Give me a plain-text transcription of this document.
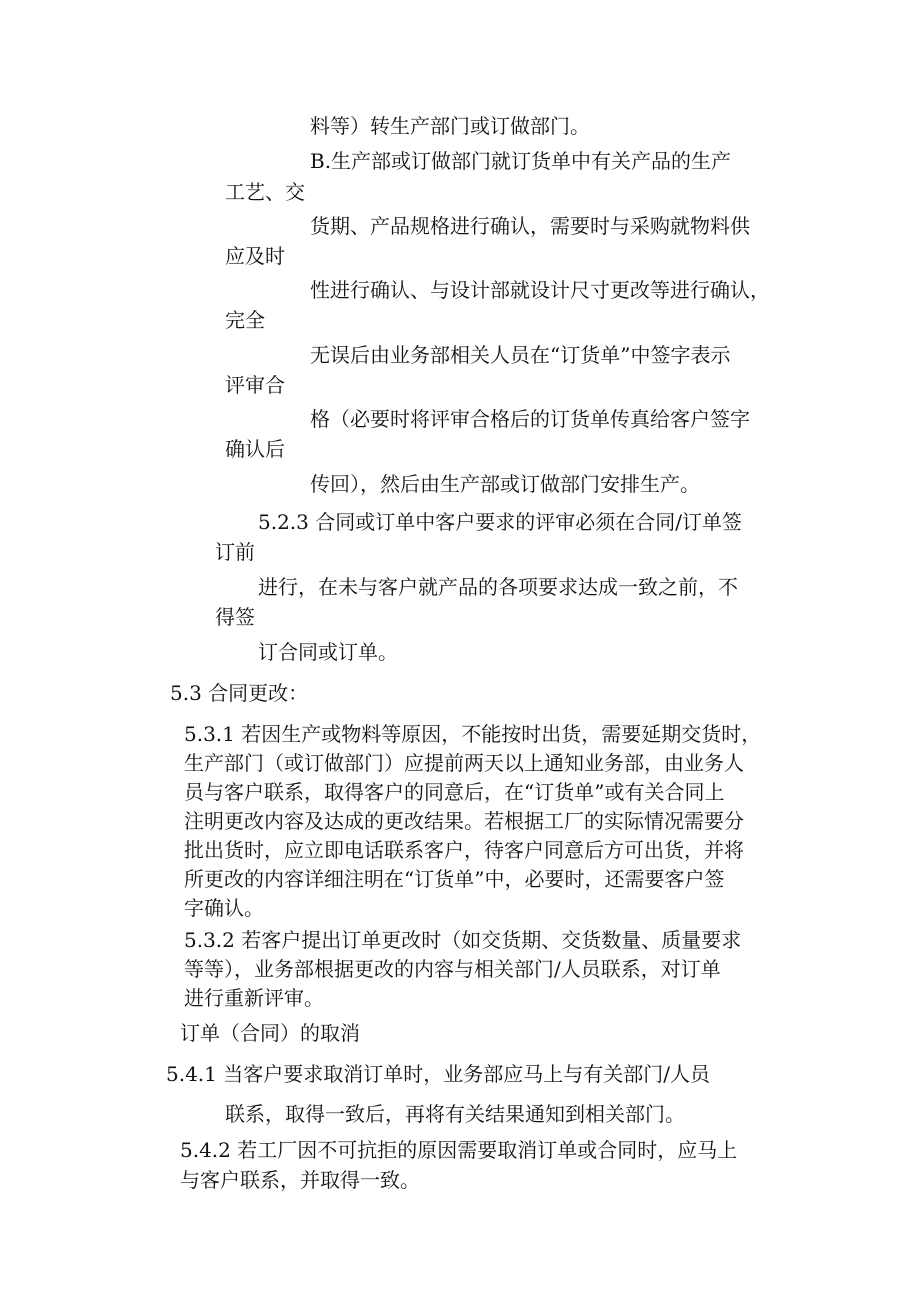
料等）转生产部门或订做部门。

B.生产部或订做部门就订货单中有关产品的生产

工艺、交

货期、产品规格进行确认，需要时与采购就物料供

应及时

性进行确认、与设计部就设计尺寸更改等进行确认，

完全

无误后由业务部相关人员在“订货单”中签字表示

评审合

格（必要时将评审合格后的订货单传真给客户签字

确认后

传回），然后由生产部或订做部门安排生产。

5.2.3 合同或订单中客户要求的评审必须在合同/订单签

订前

进行，在未与客户就产品的各项要求达成一致之前，不

得签

订合同或订单。

5.3 合同更改：

5.3.1 若因生产或物料等原因，不能按时出货，需要延期交货时，

生产部门（或订做部门）应提前两天以上通知业务部，由业务人

员与客户联系，取得客户的同意后，在“订货单”或有关合同上

注明更改内容及达成的更改结果。若根据工厂的实际情况需要分

批出货时，应立即电话联系客户，待客户同意后方可出货，并将

所更改的内容详细注明在“订货单”中，必要时，还需要客户签

字确认。

5.3.2 若客户提出订单更改时（如交货期、交货数量、质量要求

等等），业务部根据更改的内容与相关部门/人员联系，对订单

进行重新评审。

订单（合同）的取消

5.4.1 当客户要求取消订单时，业务部应马上与有关部门/人员

联系，取得一致后，再将有关结果通知到相关部门。

5.4.2 若工厂因不可抗拒的原因需要取消订单或合同时，应马上

与客户联系，并取得一致。
